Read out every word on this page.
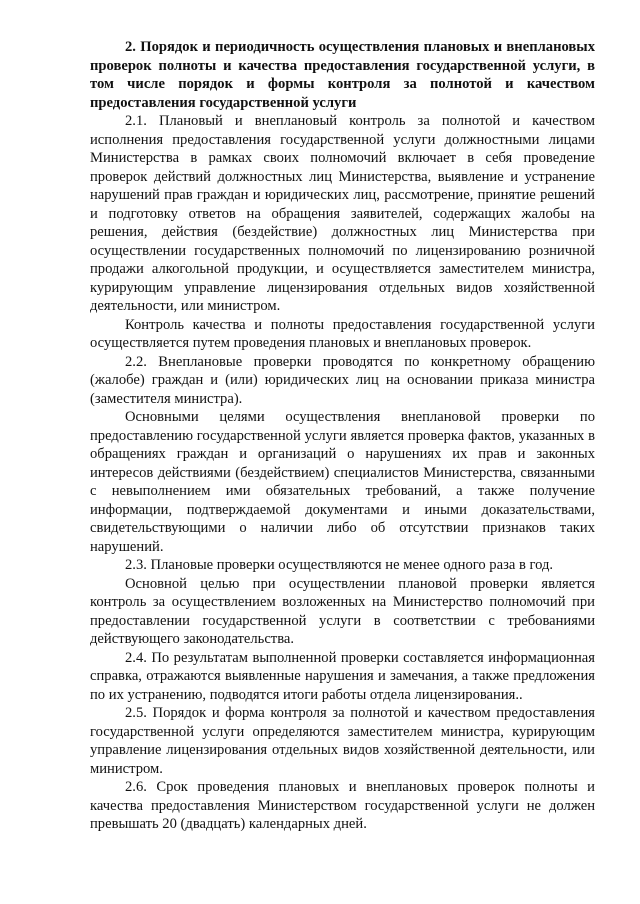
2. Порядок и периодичность осуществления плановых и внеплановых проверок полноты и качества предоставления государственной услуги, в том числе порядок и формы контроля за полнотой и качеством предоставления государственной услуги

2.1. Плановый и внеплановый контроль за полнотой и качеством исполнения предоставления государственной услуги должностными лицами Министерства в рамках своих полномочий включает в себя проведение проверок действий должностных лиц Министерства, выявление и устранение нарушений прав граждан и юридических лиц, рассмотрение, принятие решений и подготовку ответов на обращения заявителей, содержащих жалобы на решения, действия (бездействие) должностных лиц Министерства при осуществлении государственных полномочий по лицензированию розничной продажи алкогольной продукции, и осуществляется заместителем министра, курирующим управление лицензирования отдельных видов хозяйственной деятельности, или министром.

Контроль качества и полноты предоставления государственной услуги осуществляется путем проведения плановых и внеплановых проверок.

2.2. Внеплановые проверки проводятся по конкретному обращению (жалобе) граждан и (или) юридических лиц на основании приказа министра (заместителя министра).

Основными целями осуществления внеплановой проверки по предоставлению государственной услуги является проверка фактов, указанных в обращениях граждан и организаций о нарушениях их прав и законных интересов действиями (бездействием) специалистов Министерства, связанными с невыполнением ими обязательных требований, а также получение информации, подтверждаемой документами и иными доказательствами, свидетельствующими о наличии либо об отсутствии признаков таких нарушений.

2.3. Плановые проверки осуществляются не менее одного раза в год.

Основной целью при осуществлении плановой проверки является контроль за осуществлением возложенных на Министерство полномочий при предоставлении государственной услуги в соответствии с требованиями действующего законодательства.

2.4. По результатам выполненной проверки составляется информационная справка, отражаются выявленные нарушения и замечания, а также предложения по их устранению, подводятся итоги работы отдела лицензирования..

2.5. Порядок и форма контроля за полнотой и качеством предоставления государственной услуги определяются заместителем министра, курирующим управление лицензирования отдельных видов хозяйственной деятельности, или министром.

2.6. Срок проведения плановых и внеплановых проверок полноты и качества предоставления Министерством государственной услуги не должен превышать 20 (двадцать) календарных дней.
